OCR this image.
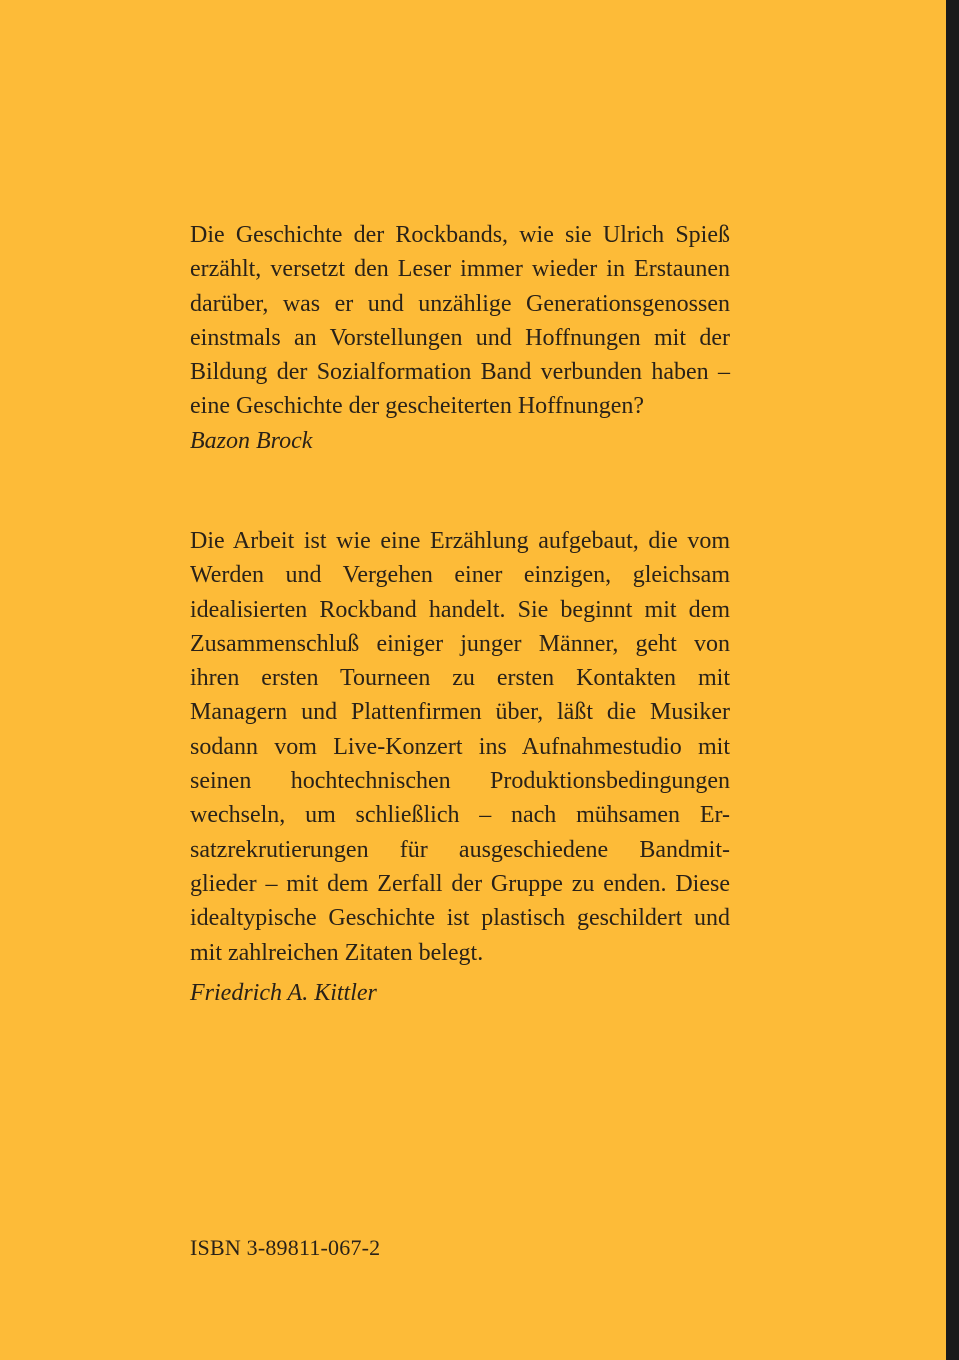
Die Geschichte der Rockbands, wie sie Ulrich Spieß
erzählt, versetzt den Leser immer wieder in Erstaunen
darüber, was er und unzählige Generationsgenossen
einstmals an Vorstellungen und Hoffnungen mit der
Bildung der Sozialformation Band verbunden haben –
eine Geschichte der gescheiterten Hoffnungen?
Bazon Brock
Die Arbeit ist wie eine Erzählung aufgebaut, die vom
Werden und Vergehen einer einzigen, gleichsam
idealisierten Rockband handelt. Sie beginnt mit dem
Zusammenschluß einiger junger Männer, geht von
ihren ersten Tourneen zu ersten Kontakten mit
Managern und Plattenfirmen über, läßt die Musiker
sodann vom Live-Konzert ins Aufnahmestudio mit
seinen hochtechnischen Produktionsbedingungen
wechseln, um schließlich – nach mühsamen Er-
satzrekrutierungen für ausgeschiedene Bandmit-
glieder – mit dem Zerfall der Gruppe zu enden. Diese
idealtypische Geschichte ist plastisch geschildert und
mit zahlreichen Zitaten belegt.
Friedrich A. Kittler
ISBN 3-89811-067-2
